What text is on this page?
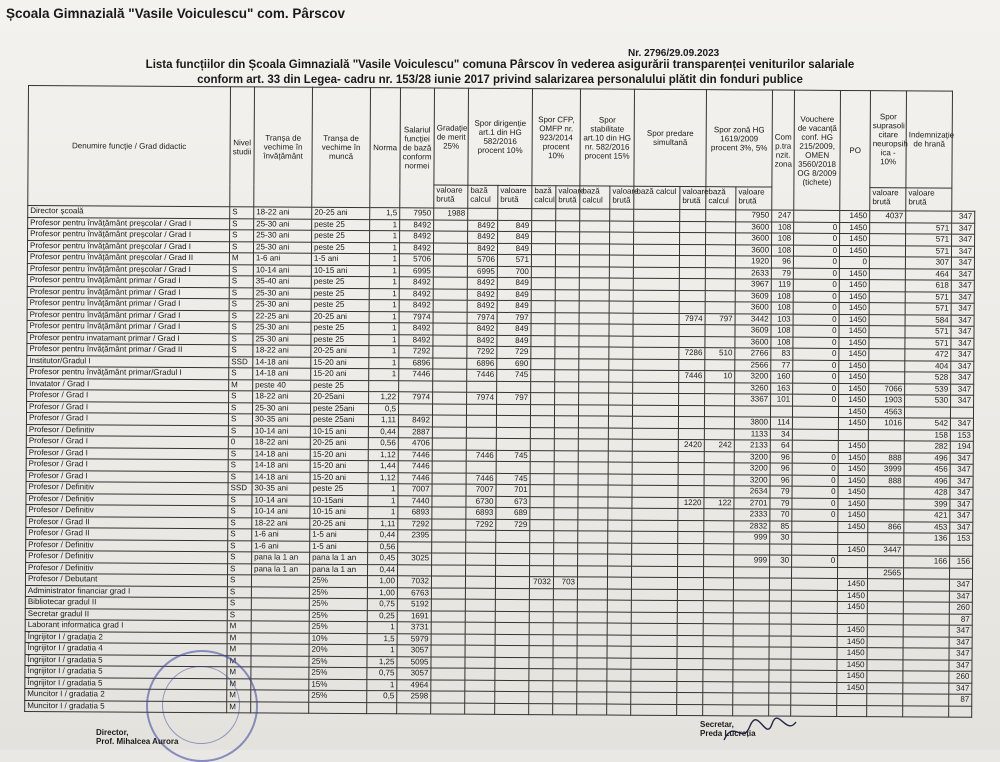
Școala Gimnazială "Vasile Voiculescu" com. Pârscov
Nr. 2796/29.09.2023
Lista funcțiilor din Școala Gimnazială "Vasile Voiculescu" comuna Pârscov în vederea asigurării transparenței veniturilor salariale
conform art. 33 din Legea- cadru nr. 153/28 iunie 2017 privind salarizarea personalului plătit din fonduri publice
Denumire funcție / Grad didactic	Nivel studii	Tranșa de vechime în învățământ	Tranșa de vechime în muncă	Norma	Salariul funcției de bază conform normei	Gradație de merit 25%	Spor dirigenție art.1 din HG 582/2016 procent 10%		Spor CFP, OMFP nr. 923/2014 procent 10%		Spor stabilitate art.10 din HG nr. 582/2016 procent 15%		Spor predare simultană		Spor zonă HG 1619/2009 procent 3%, 5%		Com p.tra nzit. zona	Vouchere de vacanță conf. HG 215/2009, OMEN 3560/2018 OG 8/2009 (tichete)	PO	Spor suprasoli citare neuropsih ica - 10%	Indemnizație de hrană	
						valoare brută	bază calcul	valoare brută	bază calcul	valoare brută	bază calcul	valoare brută	bază calcul	valoare brută	bază calcul	valoare brută				valoare brută	valoare brută	
Director școală	S	18-22 ani	20-25 ani	1,5	7950	1988										7950	247		1450	4037		347
Profesor pentru învățământ preșcolar / Grad I	S	25-30 ani	peste 25	1	8492		8492	849								3600	108	0	1450		571	347
Profesor pentru învățământ preșcolar / Grad I	S	25-30 ani	peste 25	1	8492		8492	849								3600	108	0	1450		571	347
Profesor pentru învățământ preșcolar / Grad I	S	25-30 ani	peste 25	1	8492		8492	849								3600	108	0	1450		571	347
Profesor pentru învățământ preșcolar / Grad II	M	1-6 ani	1-5 ani	1	5706		5706	571								1920	96	0	0		307	347
Profesor pentru învățământ preșcolar / Grad I	S	10-14 ani	10-15 ani	1	6995		6995	700								2633	79	0	1450		464	347
Profesor pentru învățământ primar / Grad I	S	35-40 ani	peste 25	1	8492		8492	849								3967	119	0	1450		618	347
Profesor pentru învățământ primar / Grad I	S	25-30 ani	peste 25	1	8492		8492	849								3609	108	0	1450		571	347
Profesor pentru învățământ primar / Grad I	S	25-30 ani	peste 25	1	8492		8492	849								3600	108	0	1450		571	347
Profesor pentru învățământ primar / Grad I	S	22-25 ani	20-25 ani	1	7974		7974	797						7974	797	3442	103	0	1450		584	347
Profesor pentru învățământ primar / Grad I	S	25-30 ani	peste 25	1	8492		8492	849								3609	108	0	1450		571	347
Profesor pentru invatamant primar / Grad I	S	25-30 ani	peste 25	1	8492		8492	849								3600	108	0	1450		571	347
Profesor pentru învățământ primar / Grad II	S	18-22 ani	20-25 ani	1	7292		7292	729						7286	510	2766	83	0	1450		472	347
Institutor/Gradul I	SSD	14-18 ani	15-20 ani	1	6896		6896	690								2566	77	0	1450		404	347
Profesor pentru învățământ primar/Gradul I	S	14-18 ani	15-20 ani	1	7446		7446	745						7446	10	3200	160	0	1450		528	347
Invatator / Grad I	M	peste 40	peste 25													3260	163	0	1450	7066	539	347
Profesor / Grad I	S	18-22 ani	20-25ani	1,22	7974		7974	797								3367	101	0	1450	1903	530	347
Profesor / Grad I	S	25-30 ani	peste 25ani	0,5															1450	4563		
Profesor / Grad I	S	30-35 ani	peste 25ani	1,11	8492											3800	114		1450	1016	542	347
Profesor / Definitiv	S	10-14 ani	10-15 ani	0,44	2887											1133	34				158	153
Profesor / Grad I	0	18-22 ani	20-25 ani	0,56	4706									2420	242	2133	64		1450		282	194
Profesor / Grad I	S	14-18 ani	15-20 ani	1,12	7446		7446	745								3200	96	0	1450	888	496	347
Profesor / Grad I	S	14-18 ani	15-20 ani	1,44	7446											3200	96	0	1450	3999	456	347
Profesor / Grad I	S	14-18 ani	15-20 ani	1,12	7446		7446	745								3200	96	0	1450	888	496	347
Profesor / Definitiv	SSD	30-35 ani	peste 25	1	7007		7007	701								2634	79	0	1450		428	347
Profesor / Definitiv	S	10-14 ani	10-15ani	1	7440		6730	673						1220	122	2701	79	0	1450		399	347
Profesor / Definitiv	S	10-14 ani	10-15 ani	1	6893		6893	689								2333	70	0	1450		421	347
Profesor / Grad II	S	18-22 ani	20-25 ani	1,11	7292		7292	729								2832	85		1450	866	453	347
Profesor / Grad II	S	1-6 ani	1-5 ani	0,44	2395											999	30				136	153
Profesor / Definitiv	S	1-6 ani	1-5 ani	0,56															1450	3447		
Profesor / Definitiv	S	pana la 1 an	pana la 1 an	0,45	3025											999	30	0			166	156
Profesor / Definitiv	S	pana la 1 an	pana la 1 an	0,44																2565		
Profesor / Debutant	S		25%	1,00	7032				7032	703									1450			347
Administrator financiar grad I	S		25%	1,00	6763														1450			347
Bibliotecar gradul II	S		25%	0,75	5192														1450			260
Secretar gradul II	S		25%	0,25	1691																	87
Laborant informatica grad I	M		25%	1	3731														1450			347
Îngrijitor I / gradația 2	M		10%	1,5	5979														1450			347
Îngrijitor I / gradatia 4	M		20%	1	3057														1450			347
Îngrijitor I / gradatia 5	M		25%	1,25	5095														1450			347
Îngrijitor I / gradatia 5	M		25%	0,75	3057														1450			260
Îngrijitor I / gradatia 5	M		15%	1	4964														1450			347
Muncitor I / gradatia 2	M		25%	0,5	2598																	87
Muncitor I / gradatia 5	M																					
Director,
Prof. Mihalcea Aurora
Secretar,
Preda Lucreția
